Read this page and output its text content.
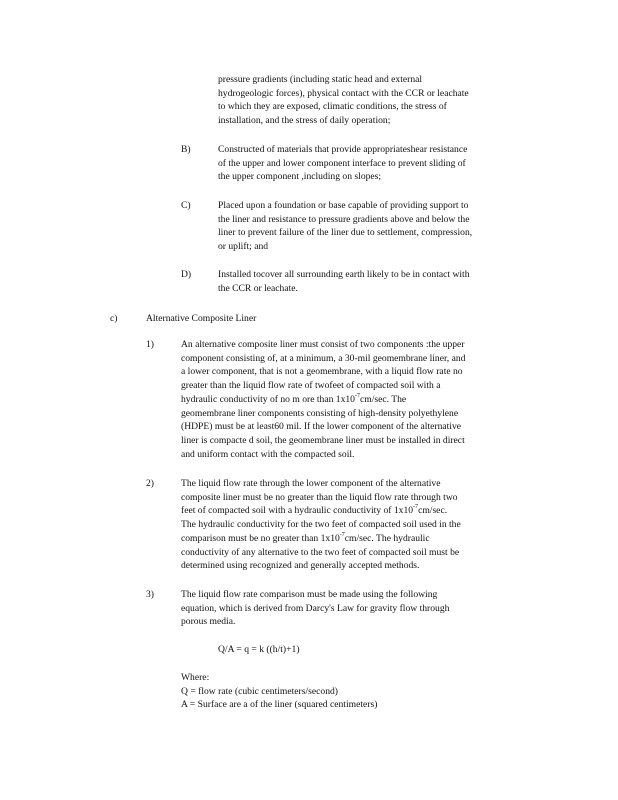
pressure gradients (including static head and external
hydrogeologic forces), physical contact with the CCR or leachate
to which they are exposed, climatic conditions, the stress of
installation, and the stress of daily operation;
B)	Constructed of materials that provide appropriateshear resistance
of the upper and lower component interface to prevent sliding of
the upper component ,including on slopes;
C)	Placed upon a foundation or base capable of providing support to
the liner and resistance to pressure gradients above and below the
liner to prevent failure of the liner due to settlement, compression,
or uplift; and
D)	Installed tocover all surrounding earth likely to be in contact with
the CCR or leachate.
c)	Alternative Composite Liner
1)	An alternative composite liner must consist of two components :the upper
component consisting of, at a minimum, a 30-mil geomembrane liner, and
a lower component, that is not a geomembrane, with a liquid flow rate no
greater than the liquid flow rate of twofeet of compacted soil with a
hydraulic conductivity of no m ore than $1x10^{-7}cm/\sec$. The
geomembrane liner components consisting of high-density polyethylene
(HDPE) must be at least60 mil. If the lower component of the alternative
liner is compacte d soil, the geomembrane liner must be installed in direct
and uniform contact with the compacted soil.
2)	The liquid flow rate through the lower component of the alternative
composite liner must be no greater than the liquid flow rate through two
feet of compacted soil with a hydraulic conductivity of $1x10^{-7}cm/\sec$.
The hydraulic conductivity for the two feet of compacted soil used in the
comparison must be no greater than $1x10^{-7}cm/\sec$. The hydraulic
conductivity of any alternative to the two feet of compacted soil must be
determined using recognized and generally accepted methods.
3)	The liquid flow rate comparison must be made using the following
equation, which is derived from Darcy's Law for gravity flow through
porous media.
Q/A = q = k ((h/t)+1)
Where:
Q = flow rate (cubic centimeters/second)
A = Surface are a of the liner (squared centimeters)
